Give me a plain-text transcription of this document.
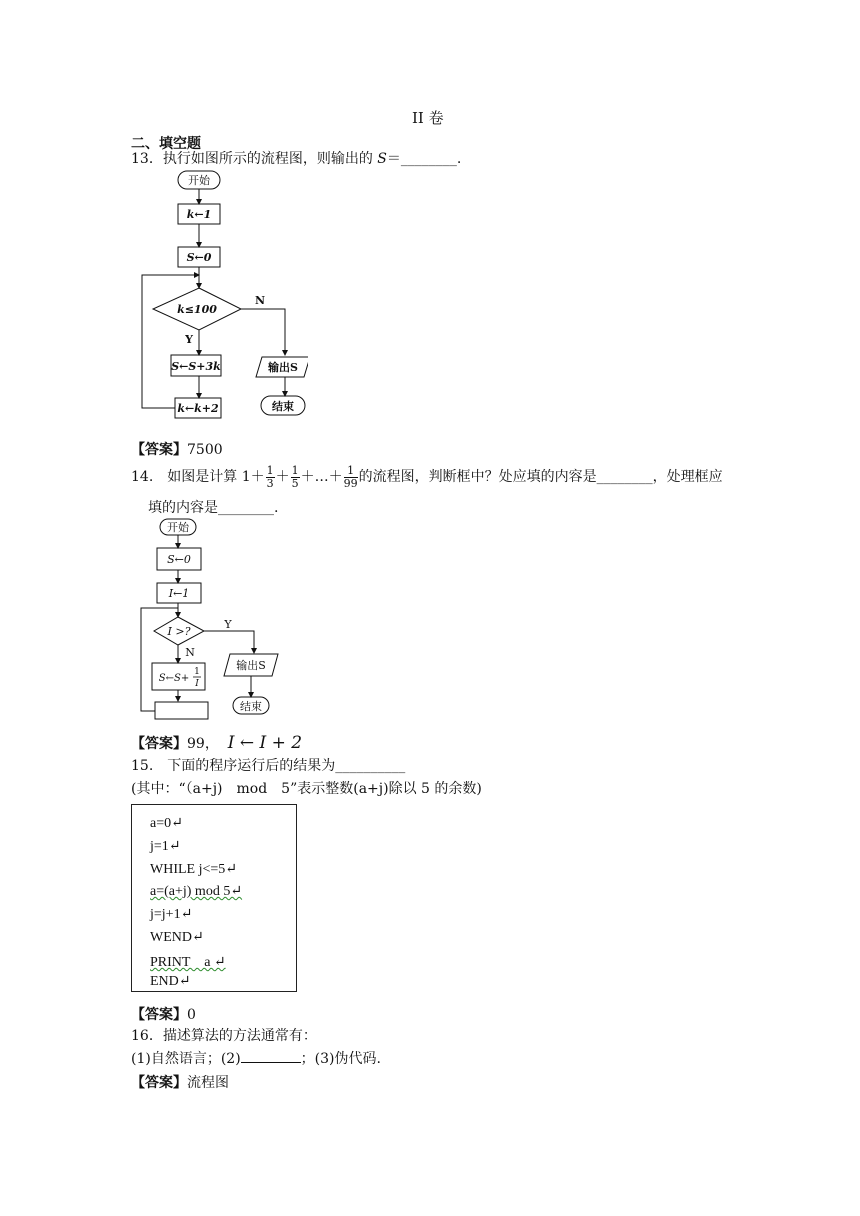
II 卷
二、填空题
13．执行如图所示的流程图，则输出的 S＝________.
开始
k←1
S←0
k≤100
N
Y
S←S+3k
k←k+2
输出S
结束
【答案】7500
14.　如图是计算 $1+ \frac{1}{3} + \frac{1}{5}$ ＋…＋ $\frac{1}{99}$ 的流程图，判断框中？处应填的内容是________，处理框应
填的内容是________.
开始
S←0
I←1
I >?
Y
N
S←S+
1
I
输出S
结束
【答案】99， I ← I + 2
15.　下面的程序运行后的结果为__________
(其中：“（a+j)　mod　5”表示整数(a+j)除以 5 的余数)
a=0↵
j=1↵
WHILE j<=5↵
a=(a+j) mod 5↵
j=j+1↵
WEND↵
PRINT　a ↵
END↵
【答案】0
16．描述算法的方法通常有：
(1)自然语言；(2)	；(3)伪代码.
【答案】流程图
